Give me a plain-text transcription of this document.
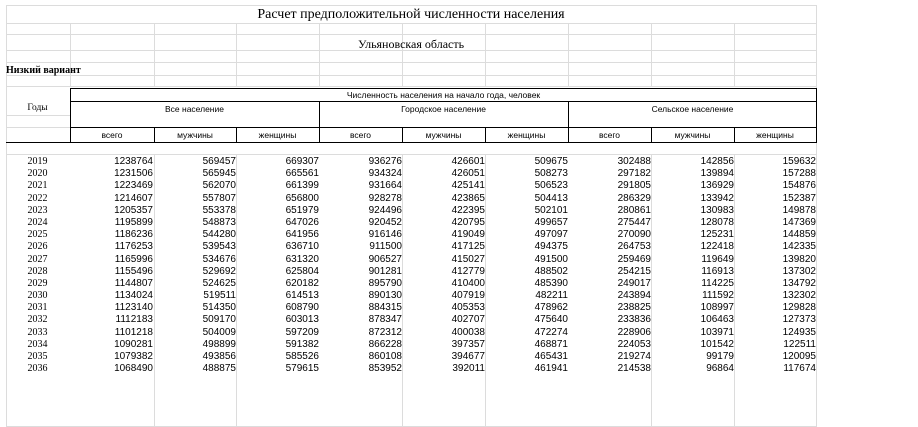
Расчет предположительной численности населения
Ульяновская область
Низкий вариант
Годы
Численность населения на начало года, человек
Все население	Городское население	Сельское население
всего	мужчины	женщины	всего	мужчины	женщины	всего	мужчины	женщины
2019	1238764	569457	669307	936276	426601	509675	302488	142856	159632
2020	1231506	565945	665561	934324	426051	508273	297182	139894	157288
2021	1223469	562070	661399	931664	425141	506523	291805	136929	154876
2022	1214607	557807	656800	928278	423865	504413	286329	133942	152387
2023	1205357	553378	651979	924496	422395	502101	280861	130983	149878
2024	1195899	548873	647026	920452	420795	499657	275447	128078	147369
2025	1186236	544280	641956	916146	419049	497097	270090	125231	144859
2026	1176253	539543	636710	911500	417125	494375	264753	122418	142335
2027	1165996	534676	631320	906527	415027	491500	259469	119649	139820
2028	1155496	529692	625804	901281	412779	488502	254215	116913	137302
2029	1144807	524625	620182	895790	410400	485390	249017	114225	134792
2030	1134024	519511	614513	890130	407919	482211	243894	111592	132302
2031	1123140	514350	608790	884315	405353	478962	238825	108997	129828
2032	1112183	509170	603013	878347	402707	475640	233836	106463	127373
2033	1101218	504009	597209	872312	400038	472274	228906	103971	124935
2034	1090281	498899	591382	866228	397357	468871	224053	101542	122511
2035	1079382	493856	585526	860108	394677	465431	219274	99179	120095
2036	1068490	488875	579615	853952	392011	461941	214538	96864	117674
